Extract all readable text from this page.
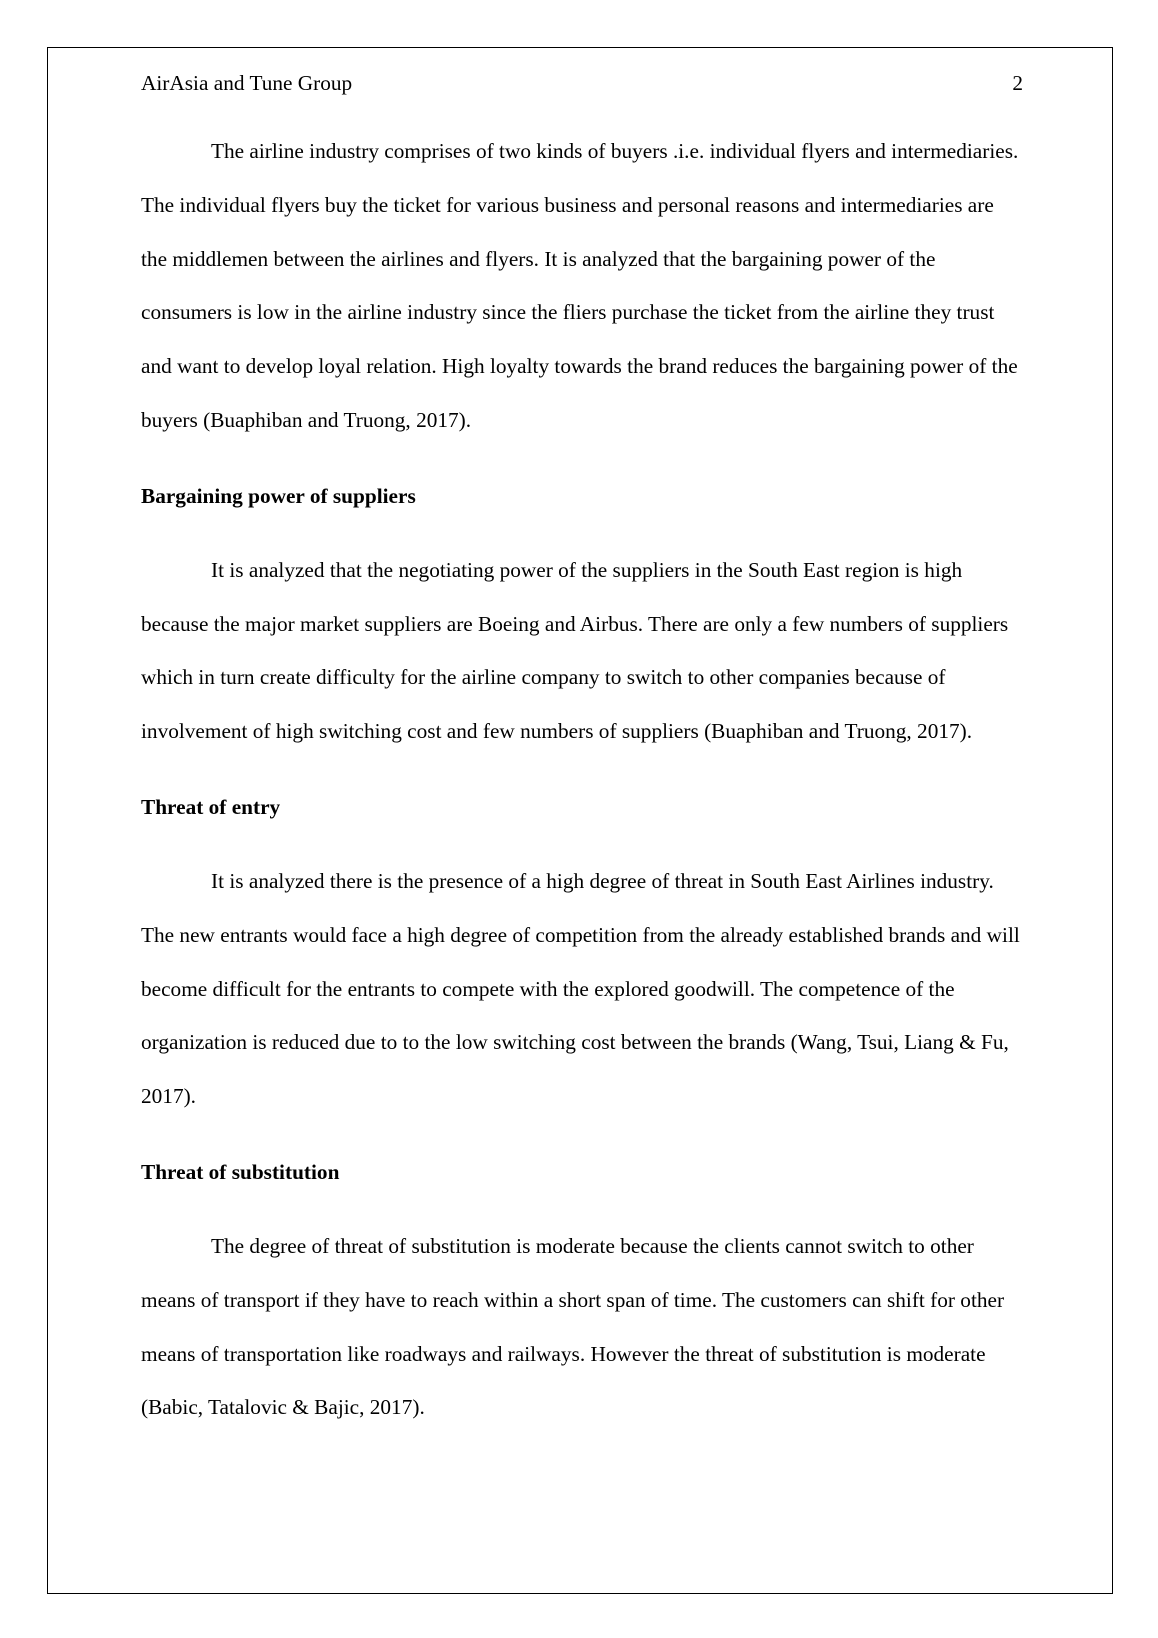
AirAsia and Tune Group	2

The airline industry comprises of two kinds of buyers .i.e. individual flyers and intermediaries. The individual flyers buy the ticket for various business and personal reasons and intermediaries are the middlemen between the airlines and flyers. It is analyzed that the bargaining power of the consumers is low in the airline industry since the fliers purchase the ticket from the airline they trust and want to develop loyal relation. High loyalty towards the brand reduces the bargaining power of the buyers (Buaphiban and Truong, 2017).

Bargaining power of suppliers

It is analyzed that the negotiating power of the suppliers in the South East region is high because the major market suppliers are Boeing and Airbus. There are only a few numbers of suppliers which in turn create difficulty for the airline company to switch to other companies because of involvement of high switching cost and few numbers of suppliers (Buaphiban and Truong, 2017).

Threat of entry

It is analyzed there is the presence of a high degree of threat in South East Airlines industry. The new entrants would face a high degree of competition from the already established brands and will become difficult for the entrants to compete with the explored goodwill. The competence of the organization is reduced due to to the low switching cost between the brands (Wang, Tsui, Liang & Fu, 2017).

Threat of substitution

The degree of threat of substitution is moderate because the clients cannot switch to other means of transport if they have to reach within a short span of time. The customers can shift for other means of transportation like roadways and railways. However the threat of substitution is moderate (Babic, Tatalovic & Bajic, 2017).
